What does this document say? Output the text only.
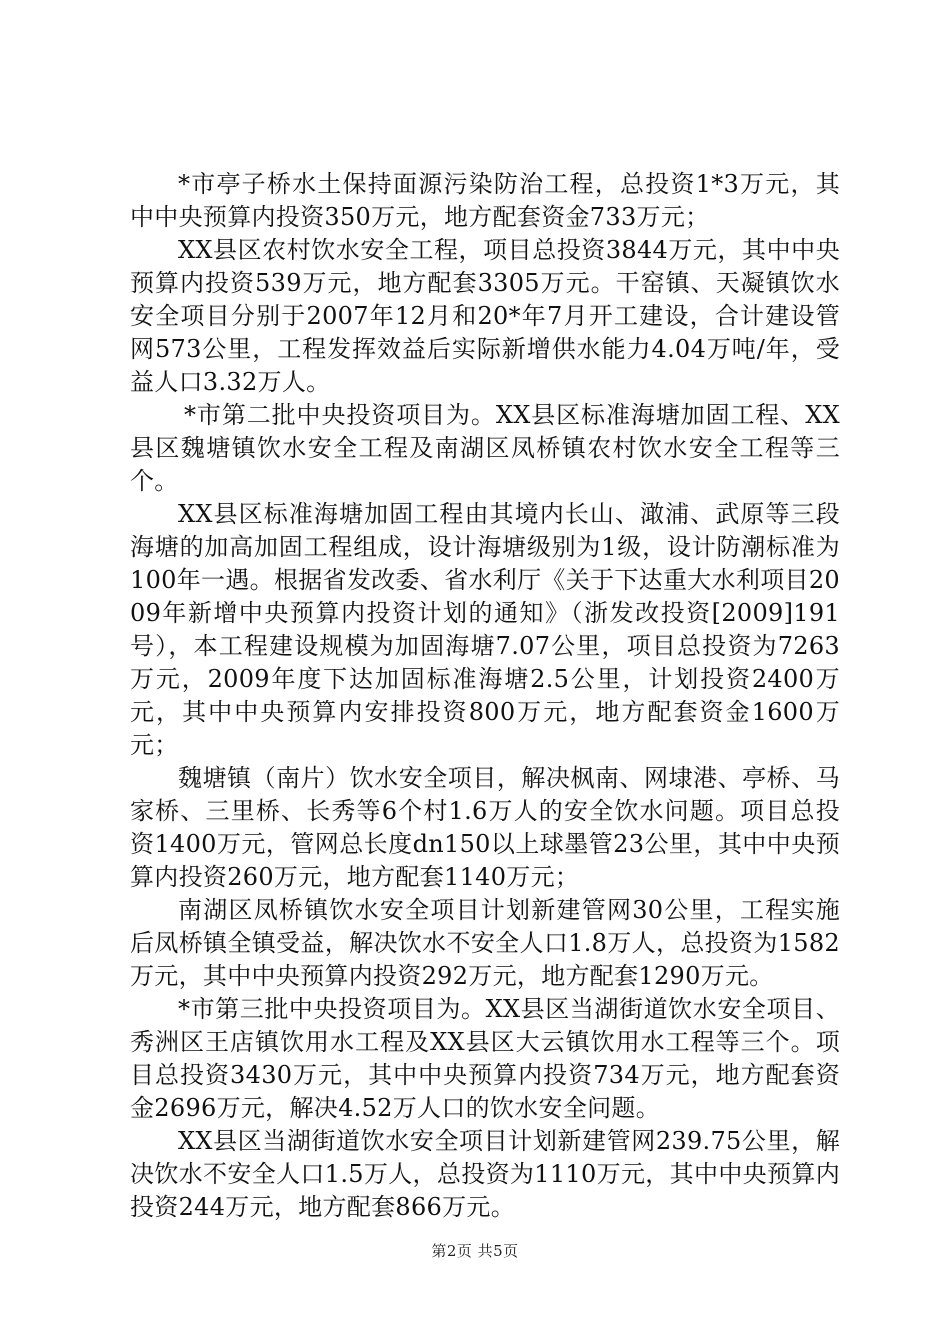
*市亭子桥水土保持面源污染防治工程，总投资1*3万元，其中中央预算内投资350万元，地方配套资金733万元；

XX县区农村饮水安全工程，项目总投资3844万元，其中中央预算内投资539万元，地方配套3305万元。干窑镇、天凝镇饮水安全项目分别于2007年12月和20*年7月开工建设，合计建设管网573公里，工程发挥效益后实际新增供水能力4.04万吨/年，受益人口3.32万人。

*市第二批中央投资项目为。XX县区标准海塘加固工程、XX县区魏塘镇饮水安全工程及南湖区凤桥镇农村饮水安全工程等三个。

XX县区标准海塘加固工程由其境内长山、澉浦、武原等三段海塘的加高加固工程组成，设计海塘级别为1级，设计防潮标准为100年一遇。根据省发改委、省水利厅《关于下达重大水利项目2009年新增中央预算内投资计划的通知》（浙发改投资[2009]191号），本工程建设规模为加固海塘7.07公里，项目总投资为7263万元，2009年度下达加固标准海塘2.5公里，计划投资2400万元，其中中央预算内安排投资800万元，地方配套资金1600万元；

魏塘镇（南片）饮水安全项目，解决枫南、网埭港、亭桥、马家桥、三里桥、长秀等6个村1.6万人的安全饮水问题。项目总投资1400万元，管网总长度dn150以上球墨管23公里，其中中央预算内投资260万元，地方配套1140万元；

南湖区凤桥镇饮水安全项目计划新建管网30公里，工程实施后凤桥镇全镇受益，解决饮水不安全人口1.8万人，总投资为1582万元，其中中央预算内投资292万元，地方配套1290万元。

*市第三批中央投资项目为。XX县区当湖街道饮水安全项目、秀洲区王店镇饮用水工程及XX县区大云镇饮用水工程等三个。项目总投资3430万元，其中中央预算内投资734万元，地方配套资金2696万元，解决4.52万人口的饮水安全问题。

XX县区当湖街道饮水安全项目计划新建管网239.75公里，解决饮水不安全人口1.5万人，总投资为1110万元，其中中央预算内投资244万元，地方配套866万元。

第2页 共5页
